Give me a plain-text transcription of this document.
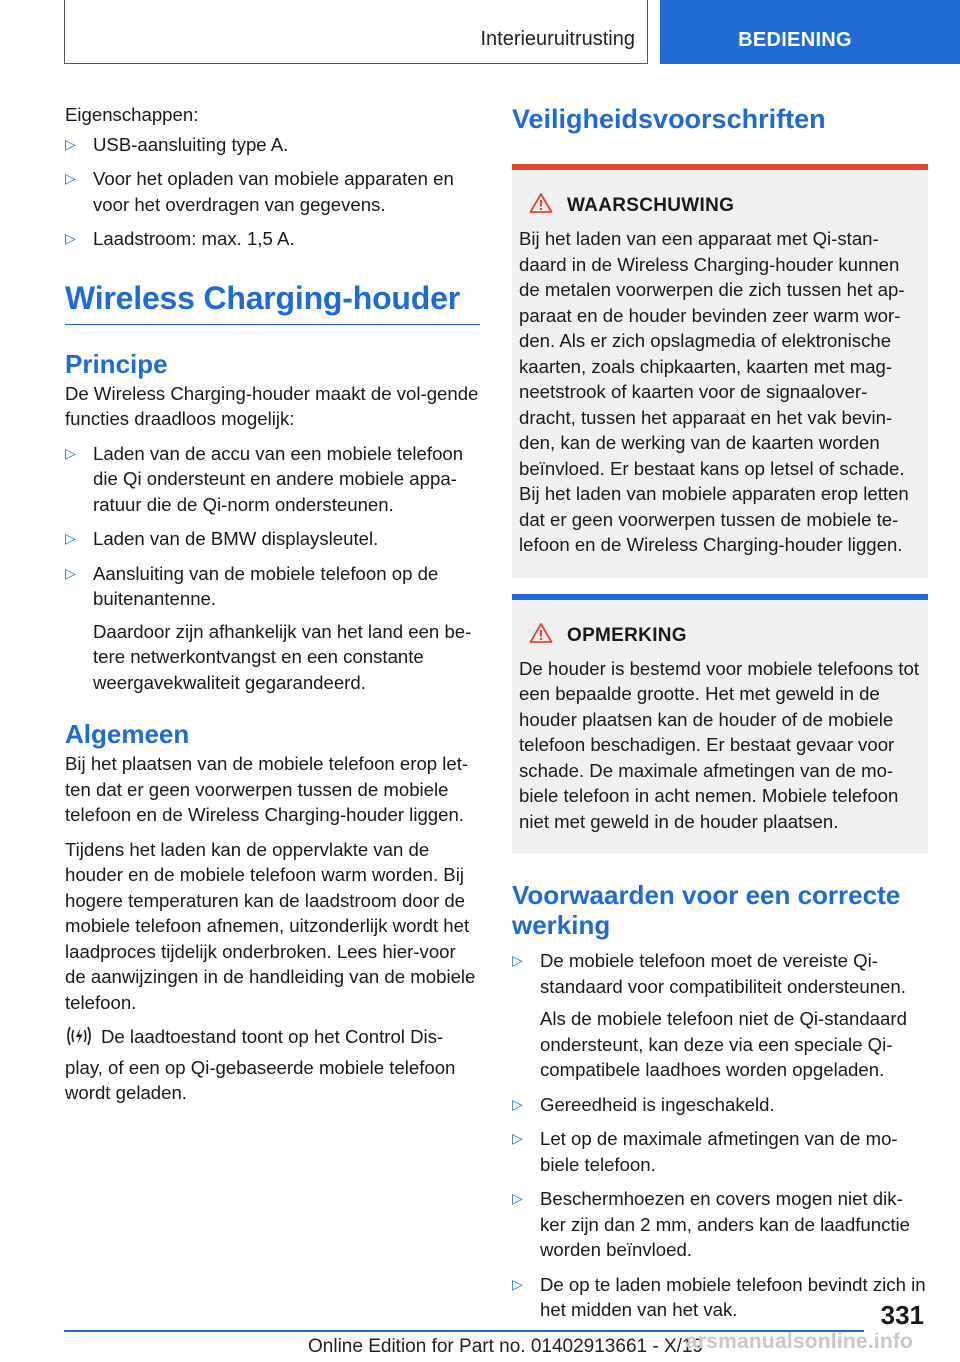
Interieuruitrusting	BEDIENING

Eigenschappen:

▷ USB-aansluiting type A.
▷ Voor het opladen van mobiele apparaten en voor het overdragen van gegevens.
▷ Laadstroom: max. 1,5 A.
Wireless Charging-houder
Principe

De Wireless Charging-houder maakt de vol-gende functies draadloos mogelijk:

▷ Laden van de accu van een mobiele telefoon die Qi ondersteunt en andere mobiele appa-ratuur die de Qi-norm ondersteunen.
▷ Laden van de BMW displaysleutel.
▷ Aansluiting van de mobiele telefoon op de buitenantenne.
Daardoor zijn afhankelijk van het land een be-tere netwerkontvangst en een constante weergavekwaliteit gegarandeerd.
Algemeen

Bij het plaatsen van de mobiele telefoon erop let-ten dat er geen voorwerpen tussen de mobiele telefoon en de Wireless Charging-houder liggen.

Tijdens het laden kan de oppervlakte van de houder en de mobiele telefoon warm worden. Bij hogere temperaturen kan de laadstroom door de mobiele telefoon afnemen, uitzonderlijk wordt het laadproces tijdelijk onderbroken. Lees hier-voor de aanwijzingen in de handleiding van de mobiele telefoon.

De laadtoestand toont op het Control Dis-play, of een op Qi-gebaseerde mobiele telefoon wordt geladen.

Veiligheidsvoorschriften
WAARSCHUWING

Bij het laden van een apparaat met Qi-stan-daard in de Wireless Charging-houder kunnen de metalen voorwerpen die zich tussen het ap-paraat en de houder bevinden zeer warm wor-den. Als er zich opslagmedia of elektronische kaarten, zoals chipkaarten, kaarten met mag-neetstrook of kaarten voor de signaalover-dracht, tussen het apparaat en het vak bevin-den, kan de werking van de kaarten worden beïnvloed. Er bestaat kans op letsel of schade. Bij het laden van mobiele apparaten erop letten dat er geen voorwerpen tussen de mobiele te-lefoon en de Wireless Charging-houder liggen.

OPMERKING

De houder is bestemd voor mobiele telefoons tot een bepaalde grootte. Het met geweld in de houder plaatsen kan de houder of de mobiele telefoon beschadigen. Er bestaat gevaar voor schade. De maximale afmetingen van de mo-biele telefoon in acht nemen. Mobiele telefoon niet met geweld in de houder plaatsen.

Voorwaarden voor een correcte werking
▷ De mobiele telefoon moet de vereiste Qi-standaard voor compatibiliteit ondersteunen.
Als de mobiele telefoon niet de Qi-standaard ondersteunt, kan deze via een speciale Qi-compatibele laadhoes worden opgeladen.
▷ Gereedheid is ingeschakeld.
▷ Let op de maximale afmetingen van de mo-biele telefoon.
▷ Beschermhoezen en covers mogen niet dik-ker zijn dan 2 mm, anders kan de laadfunctie worden beïnvloed.
▷ De op te laden mobiele telefoon bevindt zich in het midden van het vak.	331
Online Edition for Part no. 01402913661 - X/19
arsmanualsonline.info
